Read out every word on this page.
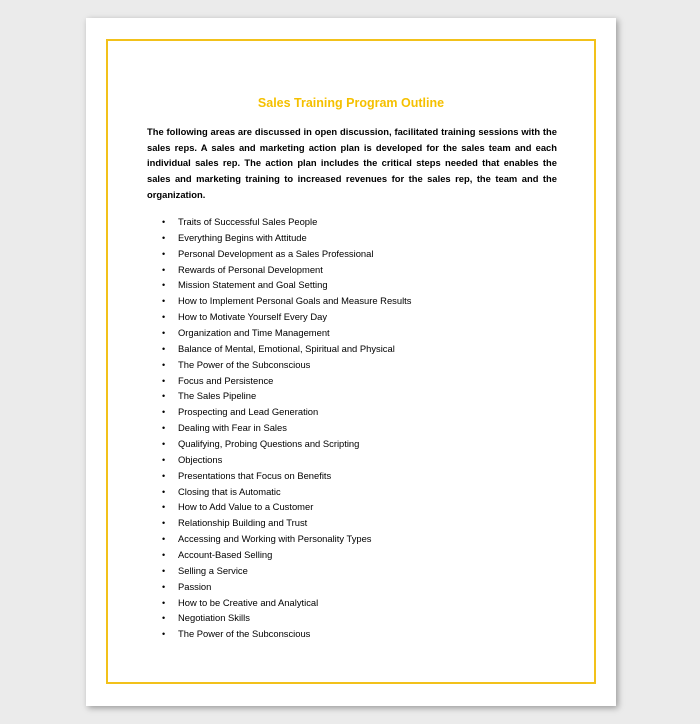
Sales Training Program Outline

The following areas are discussed in open discussion, facilitated training sessions with the sales reps. A sales and marketing action plan is developed for the sales team and each individual sales rep. The action plan includes the critical steps needed that enables the sales and marketing training to increased revenues for the sales rep, the team and the organization.

• Traits of Successful Sales People
• Everything Begins with Attitude
• Personal Development as a Sales Professional
• Rewards of Personal Development
• Mission Statement and Goal Setting
• How to Implement Personal Goals and Measure Results
• How to Motivate Yourself Every Day
• Organization and Time Management
• Balance of Mental, Emotional, Spiritual and Physical
• The Power of the Subconscious
• Focus and Persistence
• The Sales Pipeline
• Prospecting and Lead Generation
• Dealing with Fear in Sales
• Qualifying, Probing Questions and Scripting
• Objections
• Presentations that Focus on Benefits
• Closing that is Automatic
• How to Add Value to a Customer
• Relationship Building and Trust
• Accessing and Working with Personality Types
• Account-Based Selling
• Selling a Service
• Passion
• How to be Creative and Analytical
• Negotiation Skills
• The Power of the Subconscious
